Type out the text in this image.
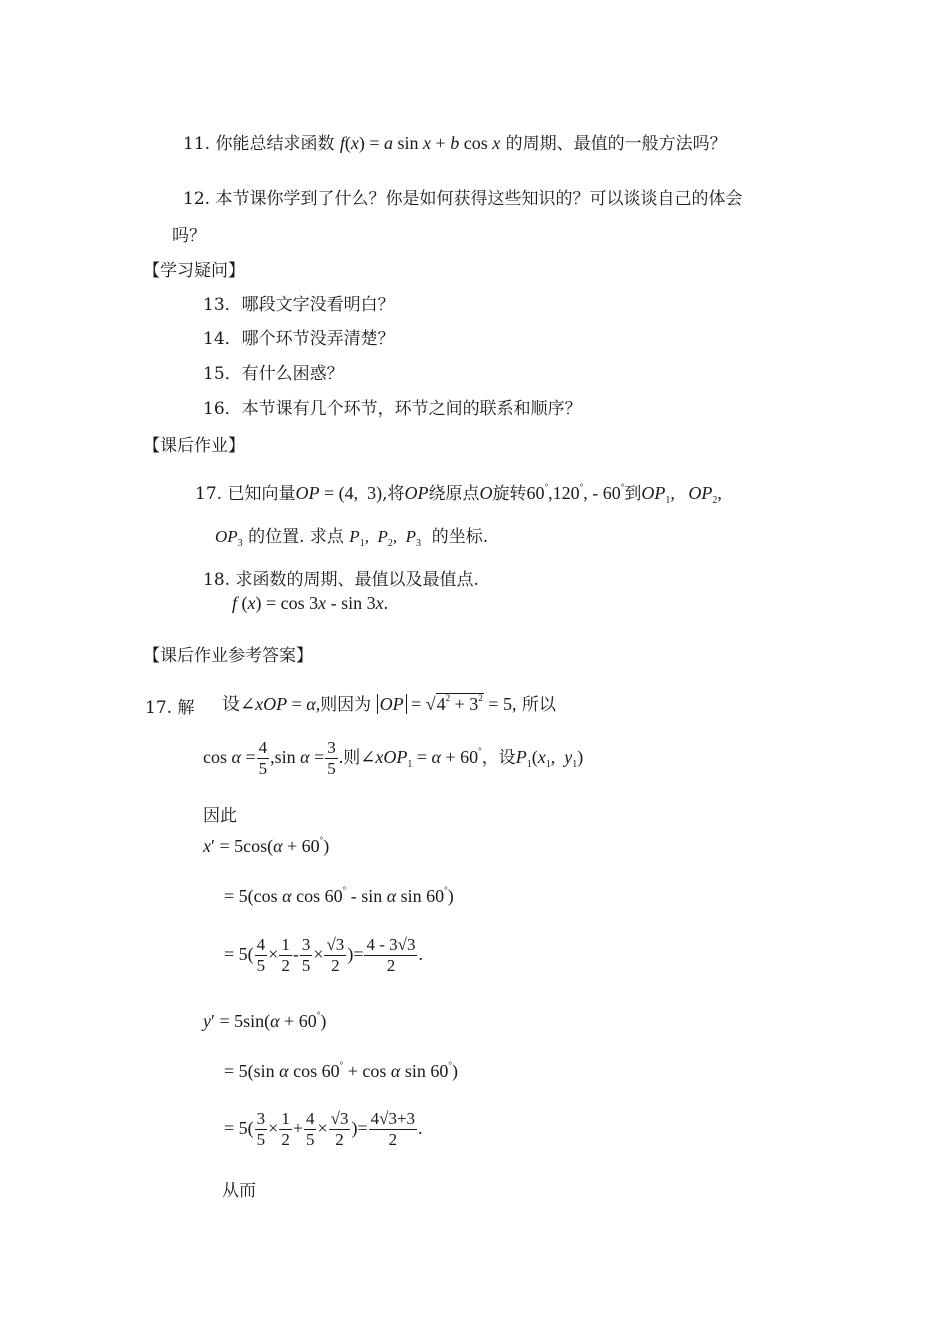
11. 你能总结求函数 f(x) = a sin x + b cos x 的周期、最值的一般方法吗？
12. 本节课你学到了什么？你是如何获得这些知识的？可以谈谈自己的体会
吗？
【学习疑问】
13．哪段文字没看明白？
14．哪个环节没弄清楚？
15．有什么困惑？
16．本节课有几个环节，环节之间的联系和顺序？
【课后作业】
17. 已知向量OP = (4,  3),将OP绕原点O旋转60°,120°, - 60°到$OP_1$,   $OP_2$,
$OP_3$ 的位置. 求点 $P_1$,  $P_2$,  $P_3$ 的坐标.
18. 求函数的周期、最值以及最值点.
f (x) = cos 3x - sin 3x.
【课后作业参考答案】
17. 解 设∠xOP = α,则因为 OP = $√4^2 + 3^2 = 5$, 所以
$\cos \alpha = \frac{4}{5} ,\sin$ $\alpha = \frac{3}{5}$ .则∠xOP$_1$ = α + 60°，设$P_1(x_1$,  $y_1$)
因此
x′ = 5cos(α + 60°)
= 5(cos α cos 60° - sin α sin 60°)
= $5( \frac{4}{5} \times \frac{1}{2} - \frac{3}{5} \times \frac{√3}{2}$ )= $\frac{4 - 3√3}{2}$ .
y′ = 5sin(α + 60°)
= 5(sin α cos 60° + cos α sin 60°)
= $5( \frac{3}{5} \times \frac{1}{2} + \frac{4}{5} \times \frac{√3}{2}$ )= $\frac{4√3+3}{2}$ .
从而
